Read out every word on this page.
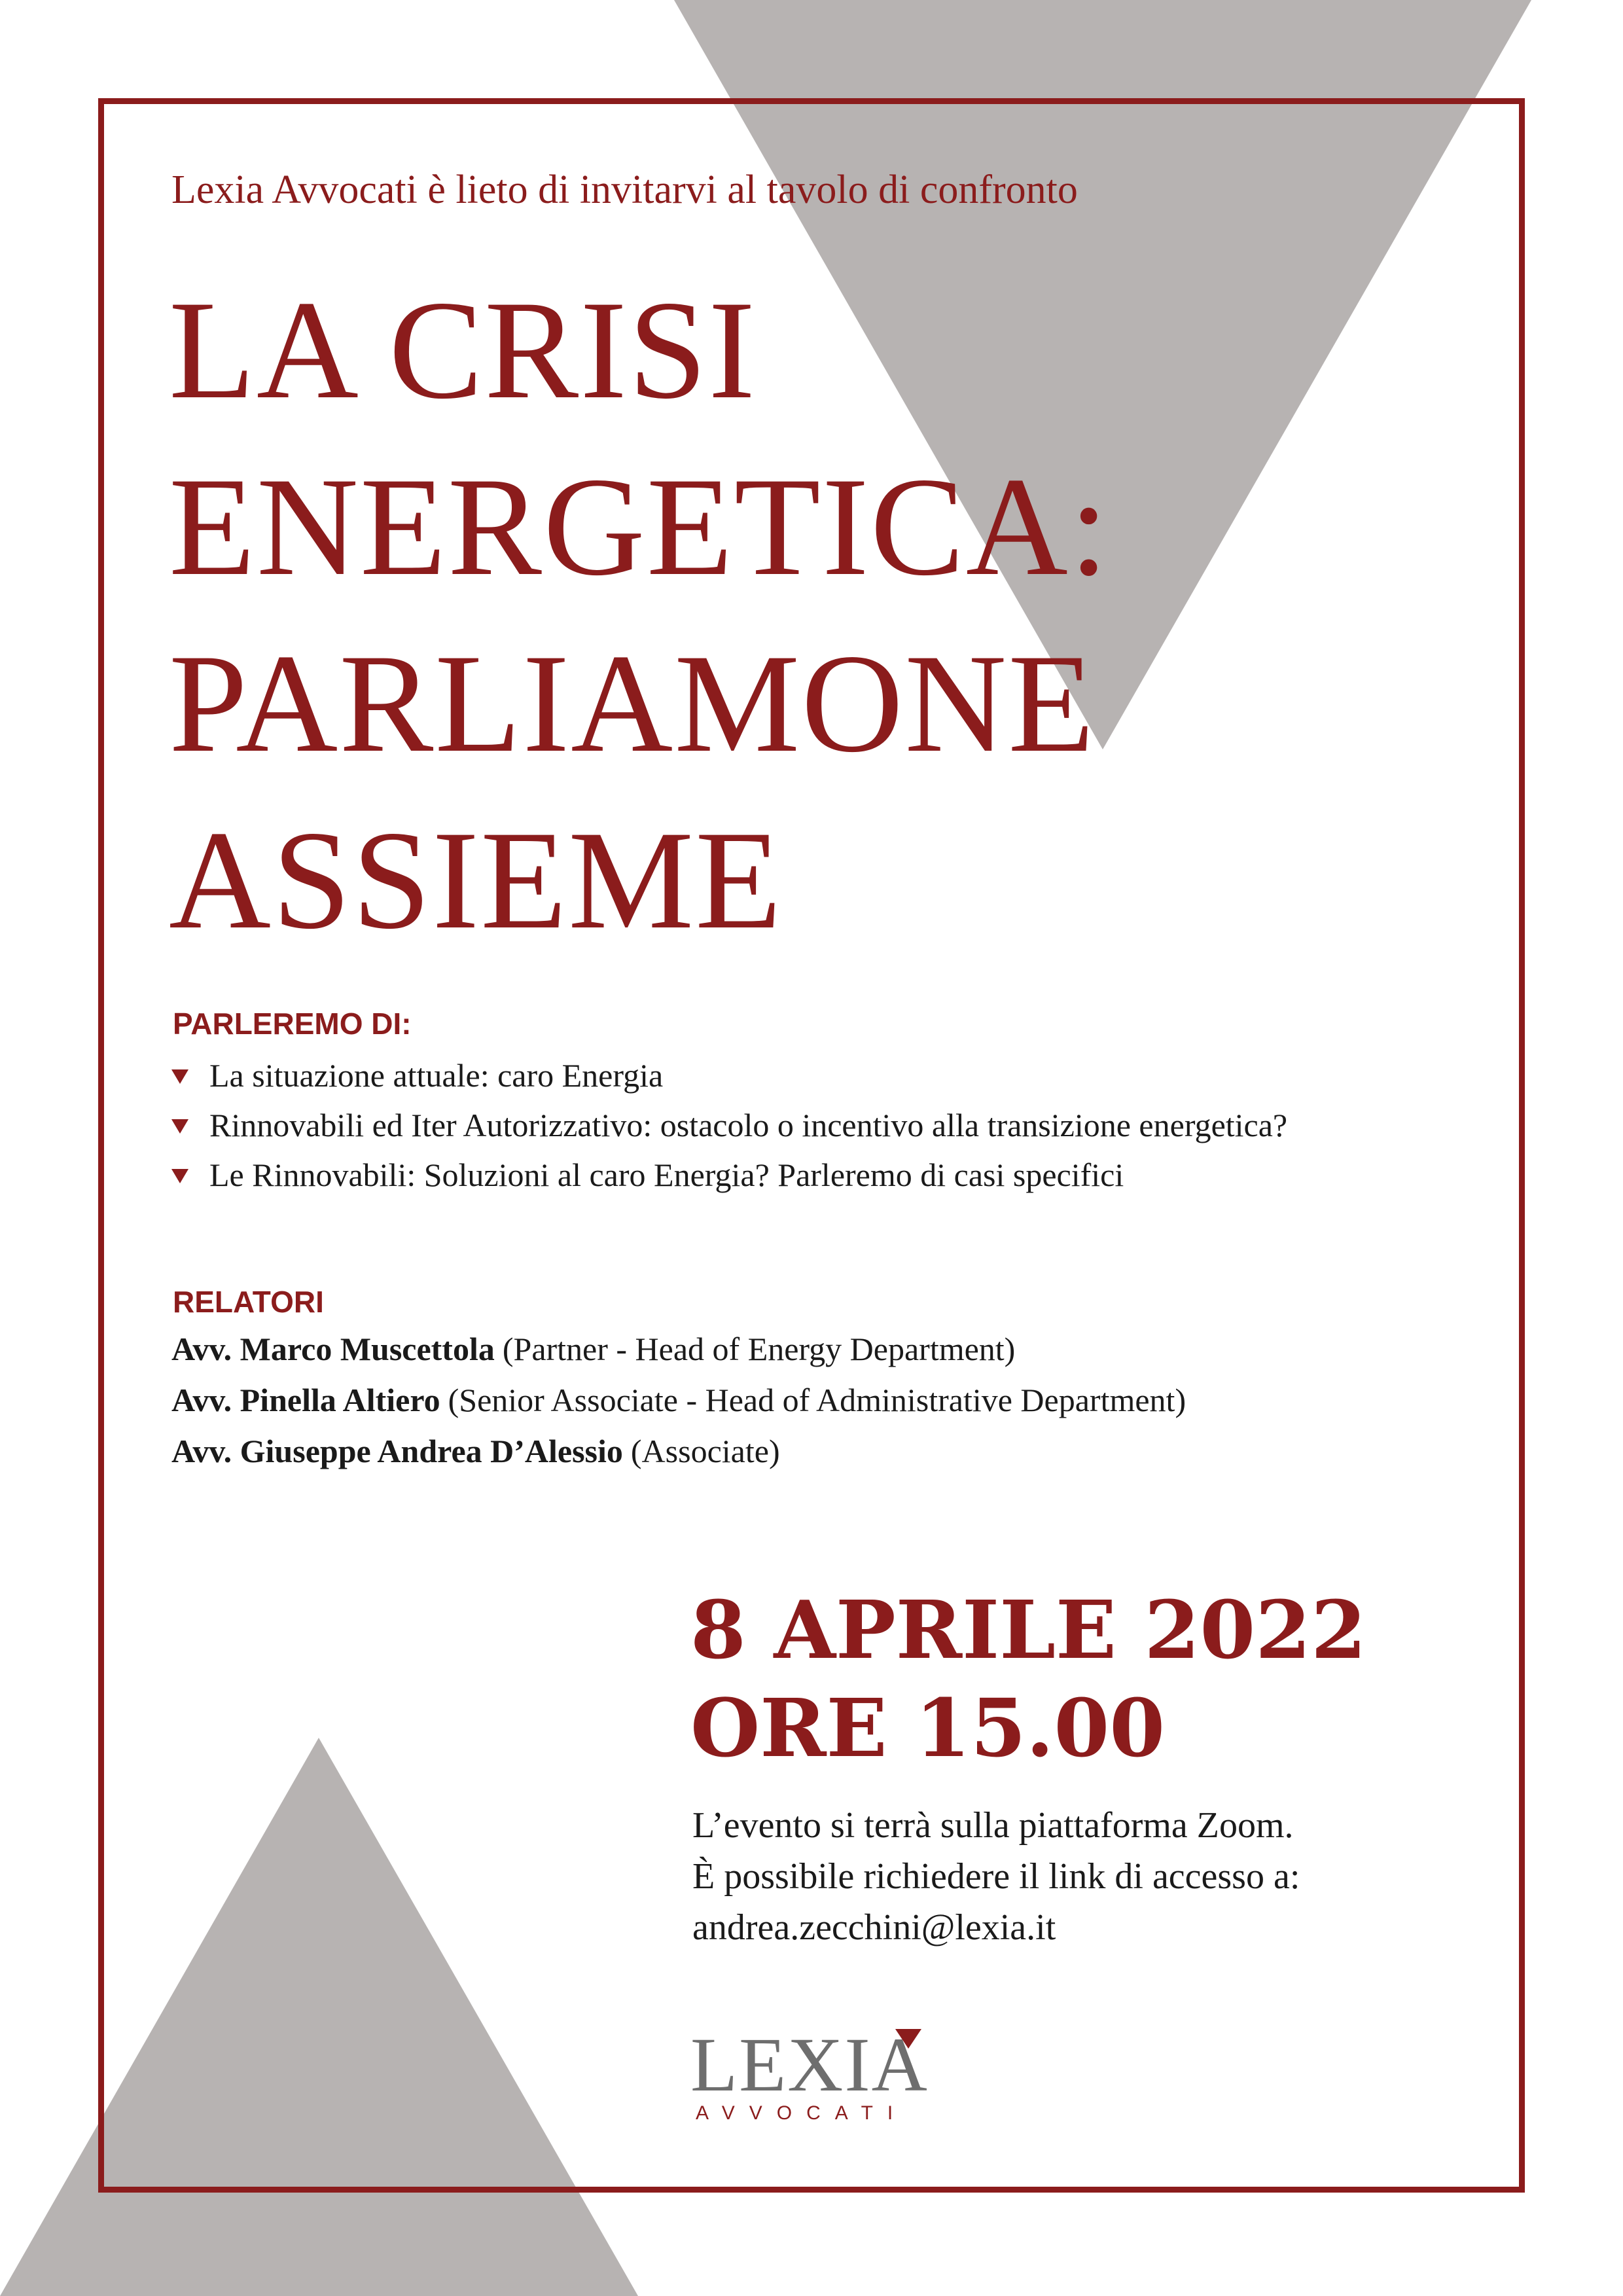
Lexia Avvocati è lieto di invitarvi al tavolo di confronto
LA CRISI
ENERGETICA:
PARLIAMONE
ASSIEME
PARLEREMO DI:
La situazione attuale: caro Energia
Rinnovabili ed Iter Autorizzativo: ostacolo o incentivo alla transizione energetica?
Le Rinnovabili: Soluzioni al caro Energia? Parleremo di casi specifici
RELATORI
Avv. Marco Muscettola (Partner - Head of Energy Department)
Avv. Pinella Altiero (Senior Associate - Head of Administrative Department)
Avv. Giuseppe Andrea D’Alessio (Associate)
8 APRILE 2022
ORE 15.00
L’evento si terrà sulla piattaforma Zoom.
È possibile richiedere il link di accesso a:
andrea.zecchini@lexia.it
LEXIA
AVVOCATI
